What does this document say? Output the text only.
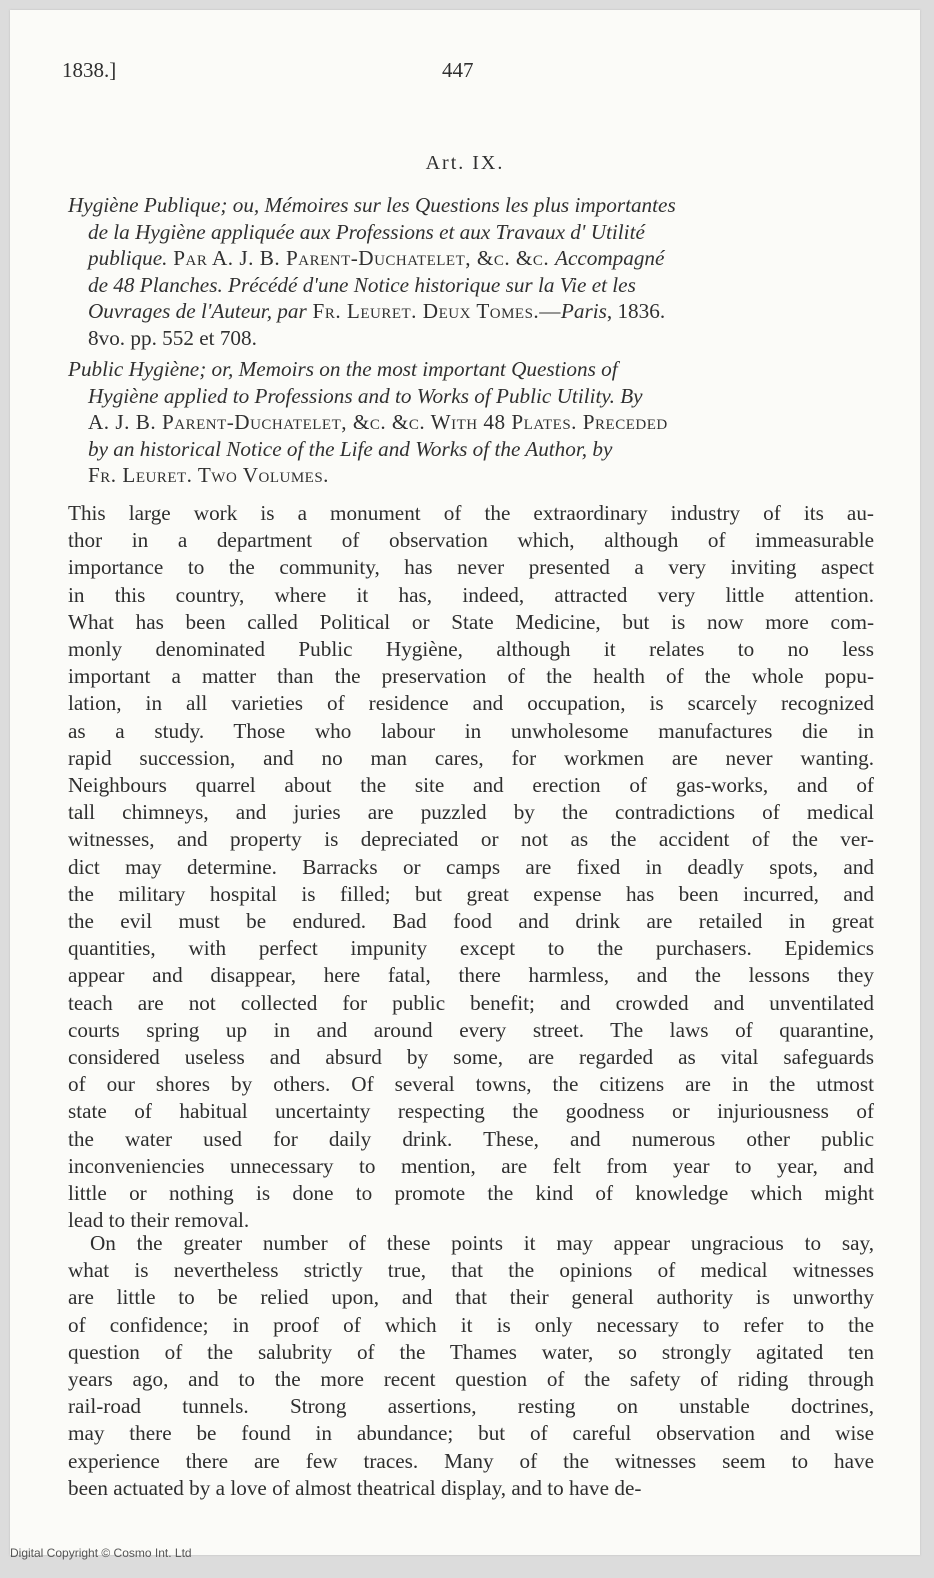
1838.]	447
Art. IX.
Hygiène Publique; ou, Mémoires sur les Questions les plus importantes
de la Hygiène appliquée aux Professions et aux Travaux d' Utilité
publique. Par A. J. B. Parent-Duchatelet, &c. &c. Accompagné
de 48 Planches. Précédé d'une Notice historique sur la Vie et les
Ouvrages de l'Auteur, par Fr. Leuret. Deux Tomes.—Paris, 1836.
8vo. pp. 552 et 708.
Public Hygiène; or, Memoirs on the most important Questions of
Hygiène applied to Professions and to Works of Public Utility. By
A. J. B. Parent-Duchatelet, &c. &c. With 48 Plates. Preceded
by an historical Notice of the Life and Works of the Author, by
Fr. Leuret. Two Volumes.
This large work is a monument of the extraordinary industry of its au-
thor in a department of observation which, although of immeasurable
importance to the community, has never presented a very inviting aspect
in this country, where it has, indeed, attracted very little attention.
What has been called Political or State Medicine, but is now more com-
monly denominated Public Hygiène, although it relates to no less
important a matter than the preservation of the health of the whole popu-
lation, in all varieties of residence and occupation, is scarcely recognized
as a study. Those who labour in unwholesome manufactures die in
rapid succession, and no man cares, for workmen are never wanting.
Neighbours quarrel about the site and erection of gas-works, and of
tall chimneys, and juries are puzzled by the contradictions of medical
witnesses, and property is depreciated or not as the accident of the ver-
dict may determine. Barracks or camps are fixed in deadly spots, and
the military hospital is filled; but great expense has been incurred, and
the evil must be endured. Bad food and drink are retailed in great
quantities, with perfect impunity except to the purchasers. Epidemics
appear and disappear, here fatal, there harmless, and the lessons they
teach are not collected for public benefit; and crowded and unventilated
courts spring up in and around every street. The laws of quarantine,
considered useless and absurd by some, are regarded as vital safeguards
of our shores by others. Of several towns, the citizens are in the utmost
state of habitual uncertainty respecting the goodness or injuriousness of
the water used for daily drink. These, and numerous other public
inconveniencies unnecessary to mention, are felt from year to year, and
little or nothing is done to promote the kind of knowledge which might
lead to their removal.
On the greater number of these points it may appear ungracious to say,
what is nevertheless strictly true, that the opinions of medical witnesses
are little to be relied upon, and that their general authority is unworthy
of confidence; in proof of which it is only necessary to refer to the
question of the salubrity of the Thames water, so strongly agitated ten
years ago, and to the more recent question of the safety of riding through
rail-road tunnels. Strong assertions, resting on unstable doctrines,
may there be found in abundance; but of careful observation and wise
experience there are few traces. Many of the witnesses seem to have
been actuated by a love of almost theatrical display, and to have de-
Digital Copyright © Cosmo Int. Ltd
